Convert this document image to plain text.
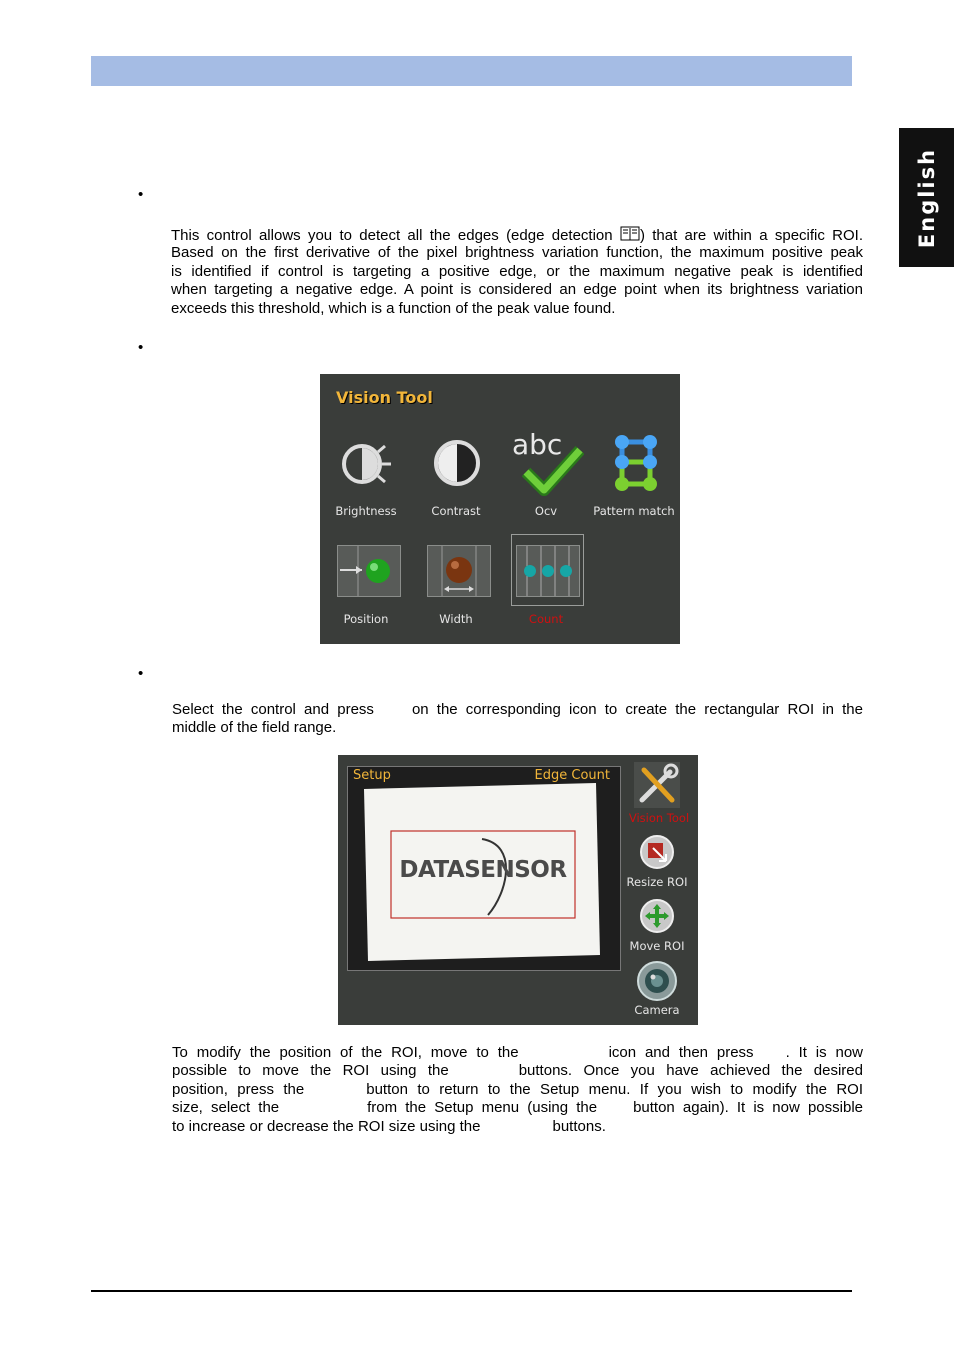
English
•
This control allows you to detect all the edges (edge detection ) that are within a specific ROI.
Based on the first derivative of the pixel brightness variation function, the maximum positive peak
is identified if control is targeting a positive edge, or the maximum negative peak is identified
when targeting a negative edge. A point is considered an edge point when its brightness variation
exceeds this threshold, which is a function of the peak value found.
•
Vision Tool
Brightness	Contrast
abc
Ocv	Pattern match
Position	Width	Count
•
Select the control and press	on the corresponding icon to create the rectangular ROI in the
middle of the field range.
Setup	Edge Count
DATASENSOR
Vision Tool
Resize ROI
Move ROI
Camera
To modify the position of the ROI, move to the	icon and then press . It is now
possible to move the ROI using the	buttons. Once you have achieved the desired
position, press the	button to return to the Setup menu. If you wish to modify the ROI
size, select the	from the Setup menu (using the button again). It is now possible
to increase or decrease the ROI size using the	buttons.
